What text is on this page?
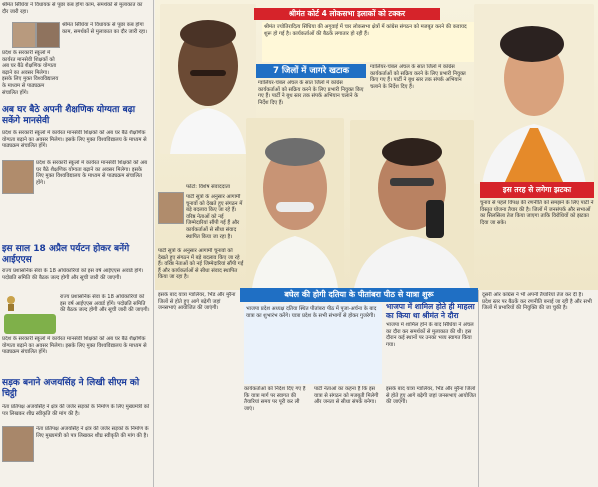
श्रीमंत सिंधिया ने विधायक से पूछा कब होगा काम, समर्थकों से मुलाकात का दौर जारी रहा।
श्रीमंत सिंधिया ने विधायक से पूछा कब होगा काम, समर्थकों से मुलाकात का दौर जारी रहा।
प्रदेश के सरकारी स्कूलों में कार्यरत मानसेवी शिक्षकों को अब घर बैठे शैक्षणिक योग्यता बढ़ाने का अवसर मिलेगा। इसके लिए मुक्त विश्वविद्यालय के माध्यम से पाठ्यक्रम संचालित होंगे।
अब घर बैठे अपनी शैक्षणिक योग्यता बढ़ा सकेंगे मानसेवी
प्रदेश के सरकारी स्कूलों में कार्यरत मानसेवी शिक्षकों को अब घर बैठे शैक्षणिक योग्यता बढ़ाने का अवसर मिलेगा। इसके लिए मुक्त विश्वविद्यालय के माध्यम से पाठ्यक्रम संचालित होंगे।
प्रदेश के सरकारी स्कूलों में कार्यरत मानसेवी शिक्षकों को अब घर बैठे शैक्षणिक योग्यता बढ़ाने का अवसर मिलेगा। इसके लिए मुक्त विश्वविद्यालय के माध्यम से पाठ्यक्रम संचालित होंगे।
इस साल 18 अप्रैल पर्यटन होकर बनेंगे आईएएस
राज्य प्रशासनिक सेवा के 18 अधिकारियों को इस वर्ष आईएएस अवार्ड होंगे। पदोन्नति समिति की बैठक जल्द होगी और सूची जारी की जाएगी।
राज्य प्रशासनिक सेवा के 18 अधिकारियों को इस वर्ष आईएएस अवार्ड होंगे। पदोन्नति समिति की बैठक जल्द होगी और सूची जारी की जाएगी।
प्रदेश के सरकारी स्कूलों में कार्यरत मानसेवी शिक्षकों को अब घर बैठे शैक्षणिक योग्यता बढ़ाने का अवसर मिलेगा। इसके लिए मुक्त विश्वविद्यालय के माध्यम से पाठ्यक्रम संचालित होंगे।
सड़क बनाने अजयसिंह ने लिखी सीएम को चिट्ठी
नेता प्रतिपक्ष अजयसिंह ने क्षेत्र की जर्जर सड़कों के निर्माण के लिए मुख्यमंत्री को पत्र लिखकर शीघ्र स्वीकृति की मांग की है।
नेता प्रतिपक्ष अजयसिंह ने क्षेत्र की जर्जर सड़कों के निर्माण के लिए मुख्यमंत्री को पत्र लिखकर शीघ्र स्वीकृति की मांग की है।
श्रीमंत कोर्ट 4 लोकसभा इलाकों को टक्कर
श्रीमंत ज्योतिरादित्य सिंधिया की अगुवाई में चार लोकसभा क्षेत्रों में कांग्रेस संगठन को मजबूत करने की कवायद शुरू हो गई है। कार्यकर्ताओं की बैठकें लगातार हो रही हैं।
7 जिलों में जागरे खटाक
ग्वालियर-चंबल अंचल के सात जिलों में कांग्रेस कार्यकर्ताओं को सक्रिय करने के लिए प्रभारी नियुक्त किए गए हैं। पार्टी ने बूथ स्तर तक संपर्क अभियान चलाने के निर्देश दिए हैं।
ग्वालियर-चंबल अंचल के सात जिलों में कांग्रेस कार्यकर्ताओं को सक्रिय करने के लिए प्रभारी नियुक्त किए गए हैं। पार्टी ने बूथ स्तर तक संपर्क अभियान चलाने के निर्देश दिए हैं।
इस तरह से लगेगा झटका
चुनाव से पहले विपक्ष की रणनीति को समझने के लिए पार्टी ने विस्तृत योजना तैयार की है। जिलों में जनसंपर्क और सभाओं का सिलसिला तेज किया जाएगा ताकि विरोधियों को झटका दिया जा सके।
फोटो: विशेष संवाददाता
पार्टी सूत्रों के अनुसार आगामी चुनावों को देखते हुए संगठन में बड़े बदलाव किए जा रहे हैं। वरिष्ठ नेताओं को नई जिम्मेदारियां सौंपी गईं हैं और कार्यकर्ताओं से सीधा संवाद स्थापित किया जा रहा है।
पार्टी सूत्रों के अनुसार आगामी चुनावों को देखते हुए संगठन में बड़े बदलाव किए जा रहे हैं। वरिष्ठ नेताओं को नई जिम्मेदारियां सौंपी गईं हैं और कार्यकर्ताओं से सीधा संवाद स्थापित किया जा रहा है।
बघेल की होगी दतिया के पीतांबरा पीठ से यात्रा शुरू
भाजपा प्रदेश अध्यक्ष दतिया स्थित पीतांबरा पीठ में पूजा-अर्चना के बाद यात्रा का शुभारंभ करेंगे। यात्रा प्रदेश के सभी संभागों से होकर गुजरेगी।
भाजपा में शामिल होते ही माहला का किया था श्रीमंत ने दौरा
भाजपा में शामिल होने के बाद सिंधिया ने अंचल का दौरा कर समर्थकों से मुलाकात की थी। इस दौरान कई स्थानों पर उनका भव्य स्वागत किया गया।
इसके बाद यात्रा ग्वालियर, भिंड और मुरैना जिलों से होते हुए आगे बढ़ेगी जहां जनसभाएं आयोजित की जाएंगी।
कार्यकर्ताओं को निर्देश दिए गए हैं कि यात्रा मार्ग पर स्वागत की तैयारियां समय पर पूरी कर ली जाएं।
पार्टी नेताओं का कहना है कि इस यात्रा से संगठन को मजबूती मिलेगी और जनता से सीधा संपर्क बनेगा।
इसके बाद यात्रा ग्वालियर, भिंड और मुरैना जिलों से होते हुए आगे बढ़ेगी जहां जनसभाएं आयोजित की जाएंगी।
दूसरी ओर कांग्रेस ने भी अपनी तैयारियां तेज कर दी हैं। प्रदेश स्तर पर बैठकें कर रणनीति बनाई जा रही है और सभी जिलों में प्रभारियों की नियुक्ति की जा चुकी है।
